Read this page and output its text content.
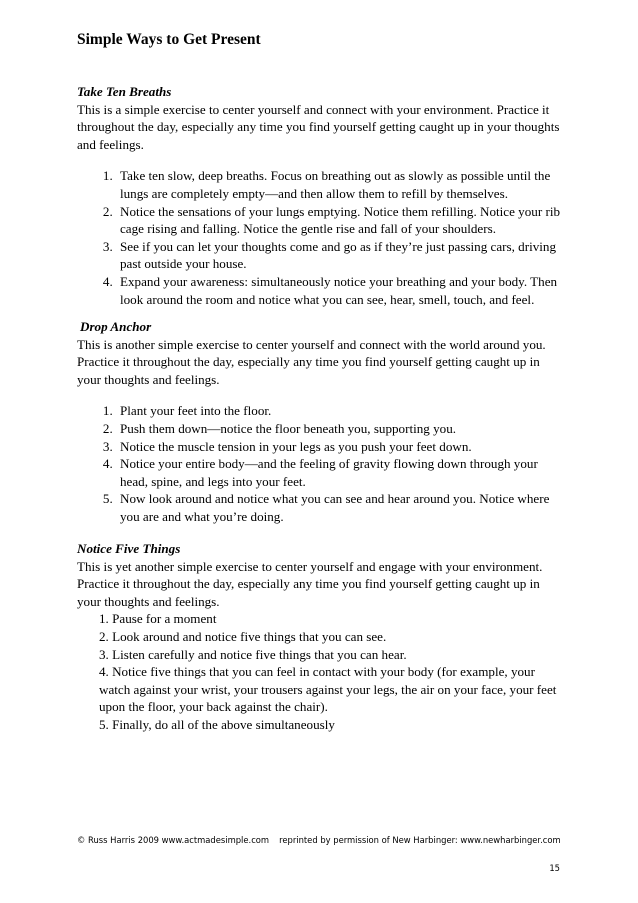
Simple Ways to Get Present

Take Ten Breaths

This is a simple exercise to center yourself and connect with your environment. Practice it throughout the day, especially any time you find yourself getting caught up in your thoughts and feelings.

1. Take ten slow, deep breaths. Focus on breathing out as slowly as possible until the lungs are completely empty—and then allow them to refill by themselves.
2. Notice the sensations of your lungs emptying. Notice them refilling. Notice your rib cage rising and falling. Notice the gentle rise and fall of your shoulders.
3. See if you can let your thoughts come and go as if they’re just passing cars, driving past outside your house.
4. Expand your awareness: simultaneously notice your breathing and your body. Then look around the room and notice what you can see, hear, smell, touch, and feel.

Drop Anchor

This is another simple exercise to center yourself and connect with the world around you. Practice it throughout the day, especially any time you find yourself getting caught up in your thoughts and feelings.

1. Plant your feet into the floor.
2. Push them down—notice the floor beneath you, supporting you.
3. Notice the muscle tension in your legs as you push your feet down.
4. Notice your entire body—and the feeling of gravity flowing down through your head, spine, and legs into your feet.
5. Now look around and notice what you can see and hear around you. Notice where you are and what you’re doing.

Notice Five Things

This is yet another simple exercise to center yourself and engage with your environment. Practice it throughout the day, especially any time you find yourself getting caught up in your thoughts and feelings.

1. Pause for a moment
2. Look around and notice five things that you can see.
3. Listen carefully and notice five things that you can hear.
4. Notice five things that you can feel in contact with your body (for example, your watch against your wrist, your trousers against your legs, the air on your face, your feet upon the floor, your back against the chair).
5. Finally, do all of the above simultaneously
© Russ Harris 2009 www.actmadesimple.com reprinted by permission of New Harbinger: www.newharbinger.com
15
